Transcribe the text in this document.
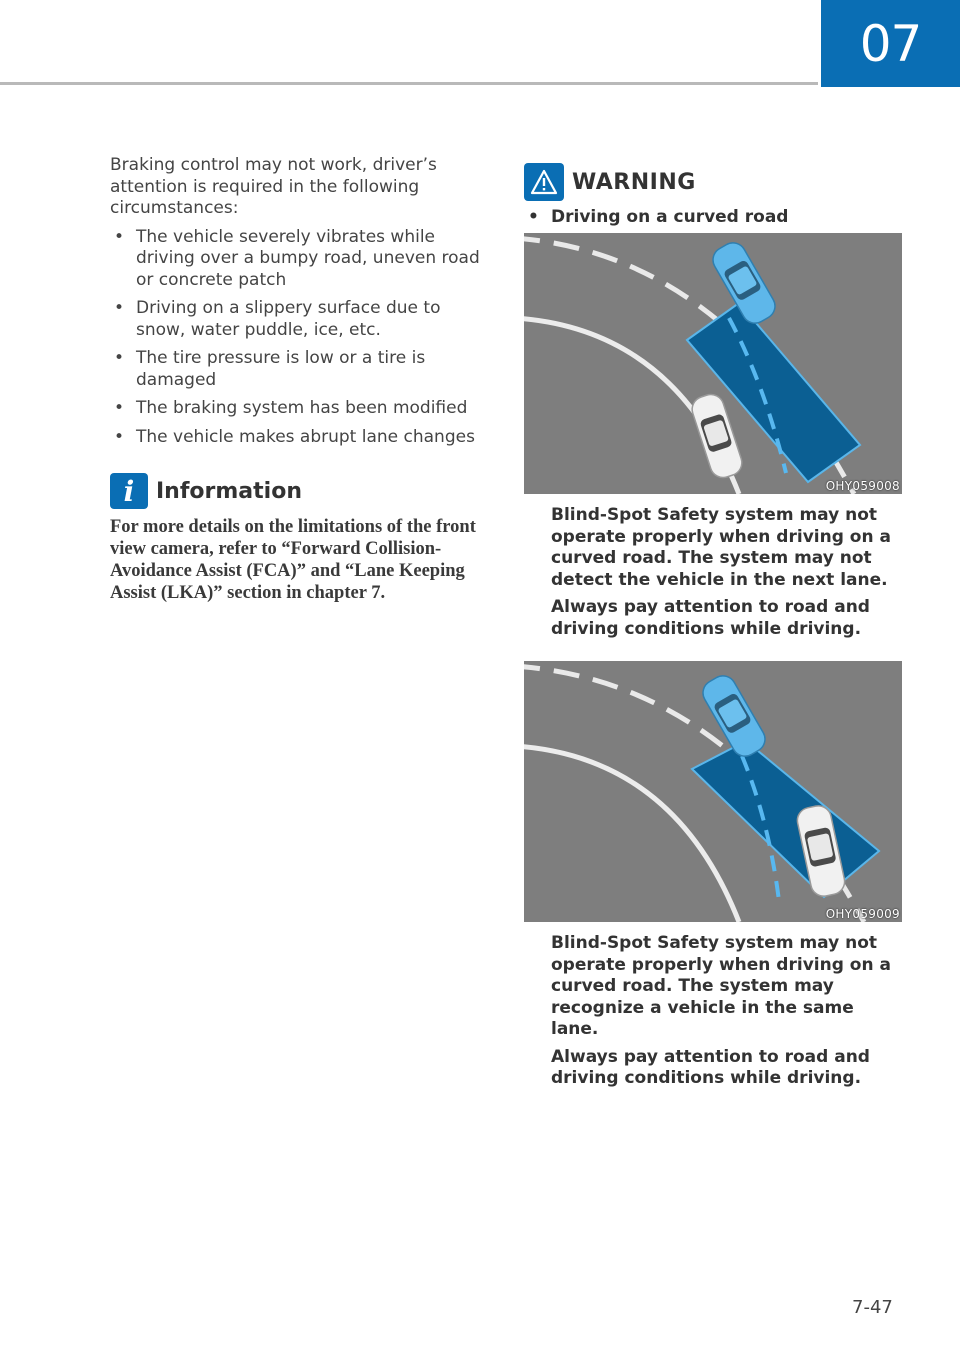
07

Braking control may not work, driver’s attention is required in the following circumstances:

• The vehicle severely vibrates while driving over a bumpy road, uneven road or concrete patch
• Driving on a slippery surface due to snow, water puddle, ice, etc.
• The tire pressure is low or a tire is damaged
• The braking system has been modified
• The vehicle makes abrupt lane changes
i Information
For more details on the limitations of the front view camera, refer to “Forward Collision-Avoidance Assist (FCA)” and “Lane Keeping Assist (LKA)” section in chapter 7.
WARNING
• Driving on a curved road
OHY059008

Blind-Spot Safety system may not operate properly when driving on a curved road. The system may not detect the vehicle in the next lane.

Always pay attention to road and driving conditions while driving.

OHY059009

Blind-Spot Safety system may not operate properly when driving on a curved road. The system may recognize a vehicle in the same lane.

Always pay attention to road and driving conditions while driving.

7-47
